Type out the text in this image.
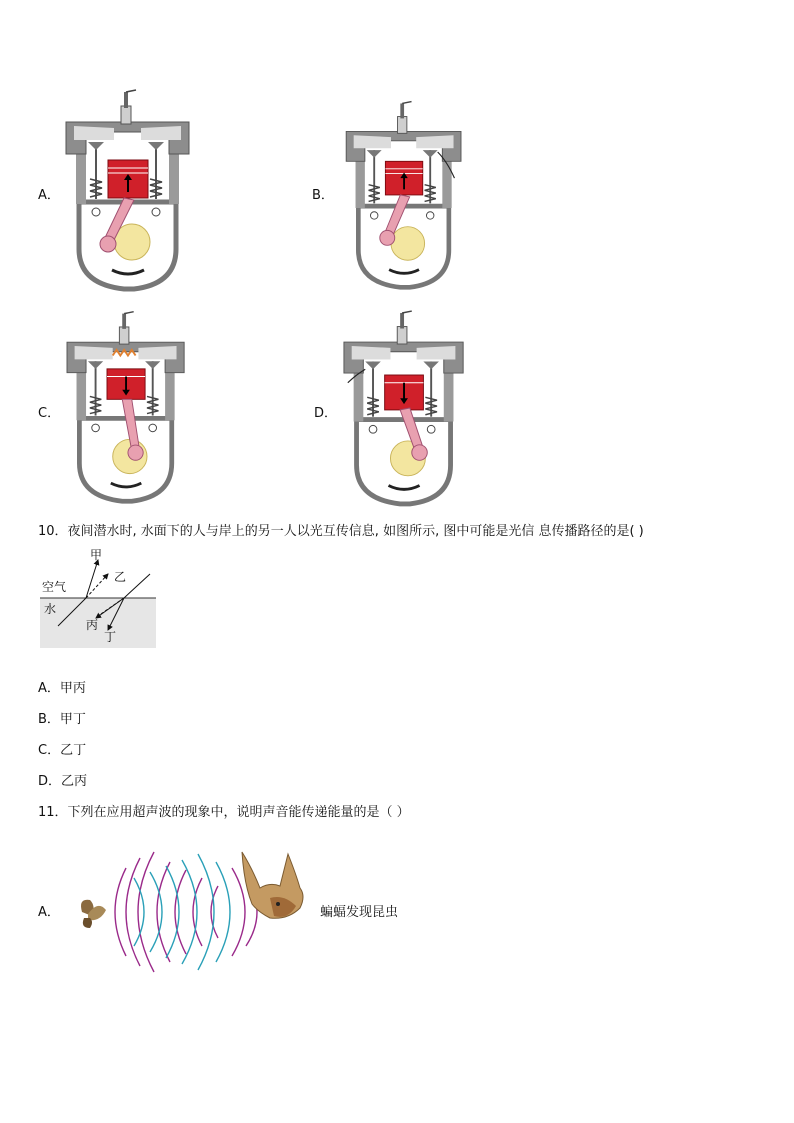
A．	B．
C．	D．
10．夜间潜水时, 水面下的人与岸上的另一人以光互传信息, 如图所示, 图中可能是光信 息传播路径的是( )
空气
水
甲
乙
丙
丁
A．甲丙
B．甲丁
C．乙丁
D．乙丙
11．下列在应用超声波的现象中，说明声音能传递能量的是（ ）
A．	蝙蝠发现昆虫
